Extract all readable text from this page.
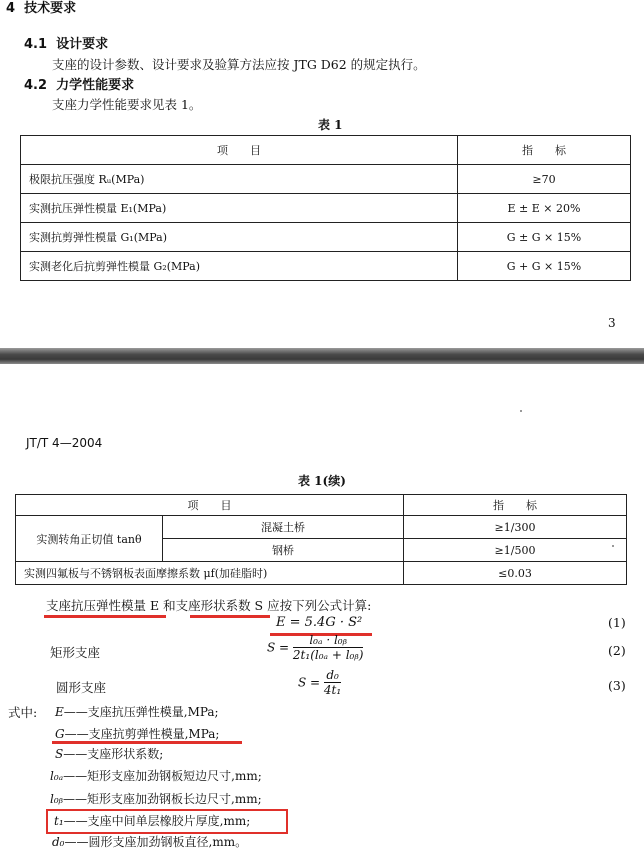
4 技术要求
4.1 设计要求
支座的设计参数、设计要求及验算方法应按 JTG D62 的规定执行。
4.2 力学性能要求
支座力学性能要求见表 1。
表 1
项　　目	指　　标
极限抗压强度 Rᵤ(MPa)	≥70
实测抗压弹性模量 E₁(MPa)	E ± E × 20%
实测抗剪弹性模量 G₁(MPa)	G ± G × 15%
实测老化后抗剪弹性模量 G₂(MPa)	G + G × 15%
3
JT/T 4—2004
表 1(续)
项　　目		指　　标
实测转角正切值 tanθ	混凝土桥	≥1/300
	钢桥	≥1/500
实测四氟板与不锈钢板表面摩擦系数 μf(加硅脂时)		≤0.03
支座抗压弹性模量 E 和支座形状系数 S 应按下列公式计算:
E = 5.4G · S²	(1)
矩形支座	$S = \frac{\text{l₀ₐ · l₀ᵦ}}{\text{2t₁(l₀ₐ + l₀ᵦ)}}$	(2)
圆形支座	$S = \frac{\text{d₀}}{\text{4t₁}}$	(3)
式中: E——支座抗压弹性模量,MPa;
G——支座抗剪弹性模量,MPa;
S——支座形状系数;
l₀ₐ——矩形支座加劲钢板短边尺寸,mm;
l₀ᵦ——矩形支座加劲钢板长边尺寸,mm;
t₁——支座中间单层橡胶片厚度,mm;
d₀——圆形支座加劲钢板直径,mm。
